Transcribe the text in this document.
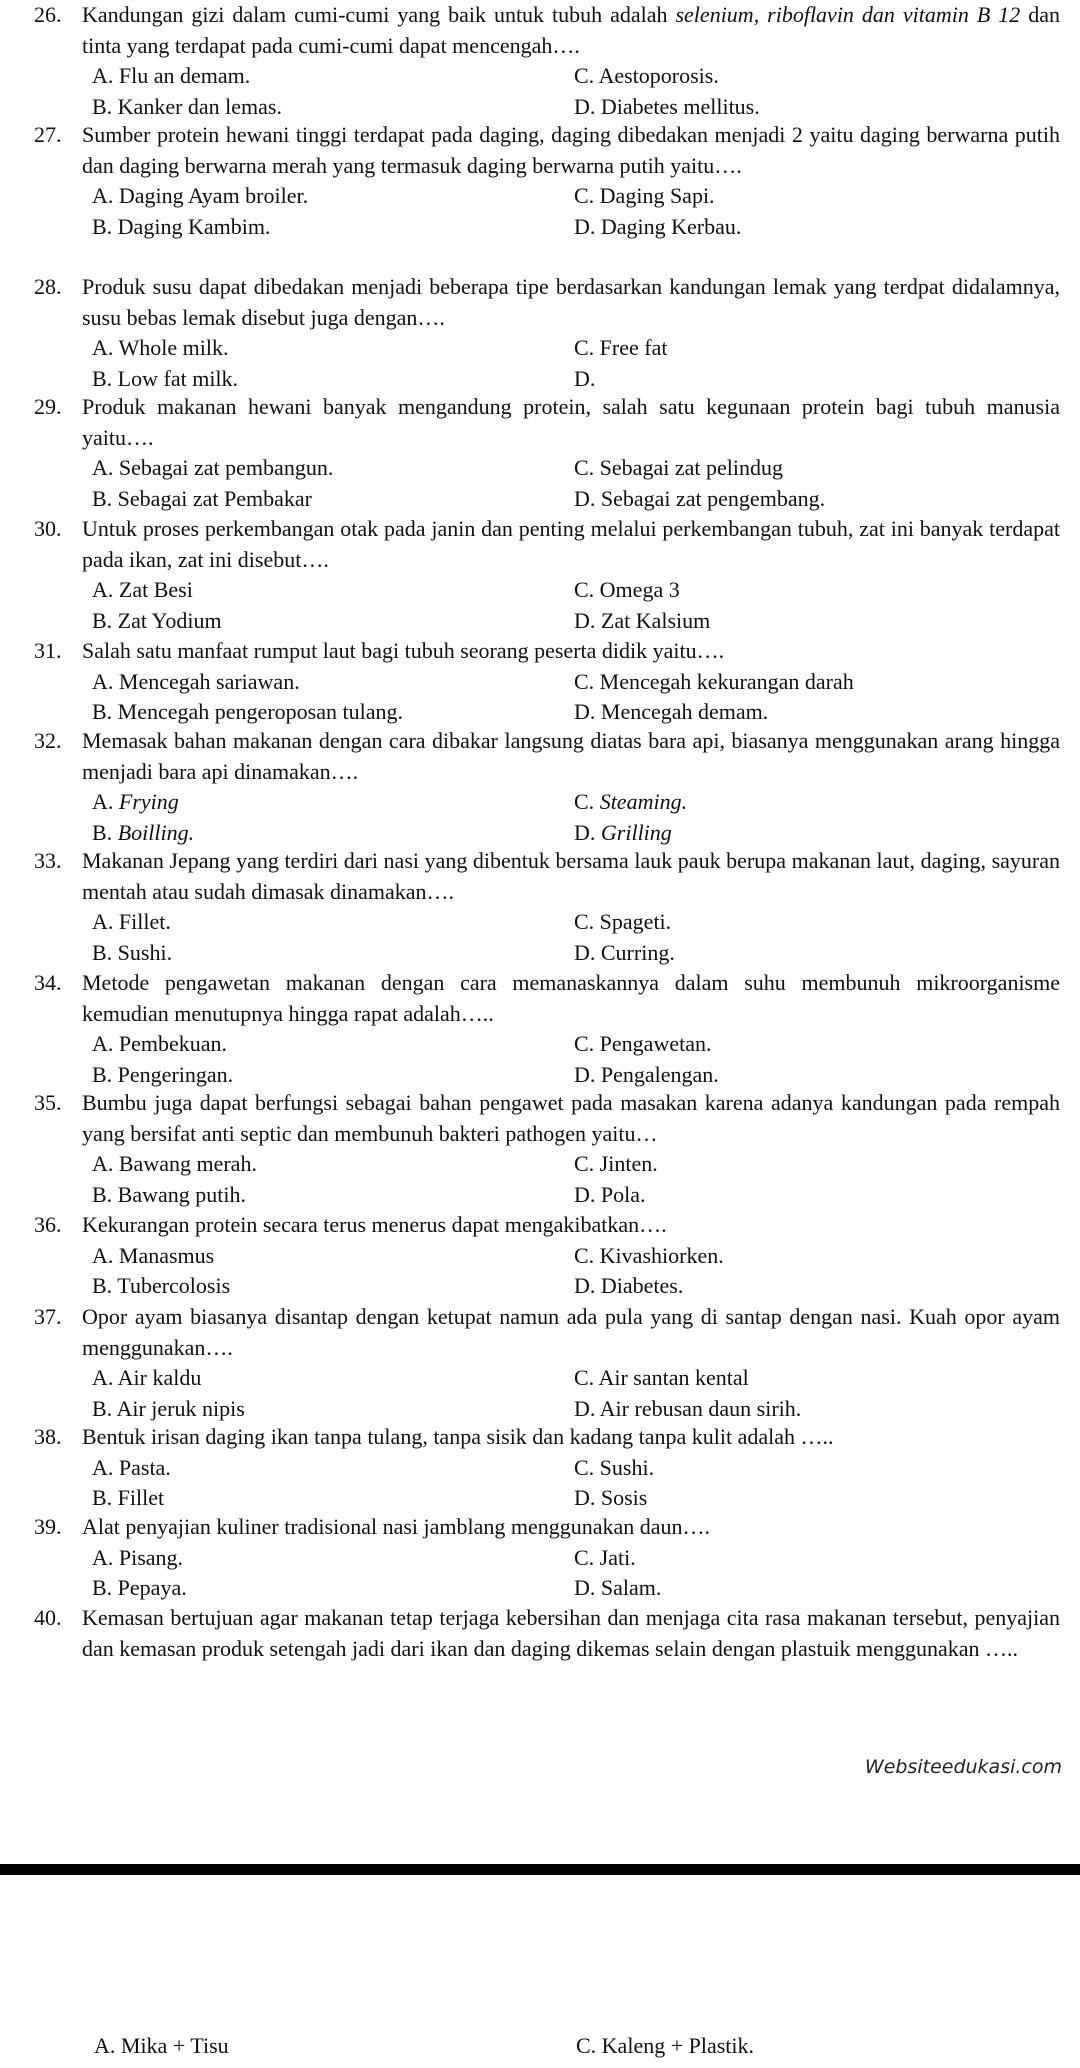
26. Kandungan gizi dalam cumi-cumi yang baik untuk tubuh adalah selenium, riboflavin dan vitamin B 12 dan tinta yang terdapat pada cumi-cumi dapat mencengah….
A. Flu an demam.	C. Aestoporosis.
B. Kanker dan lemas.	D. Diabetes mellitus.
27. Sumber protein hewani tinggi terdapat pada daging, daging dibedakan menjadi 2 yaitu daging berwarna putih dan daging berwarna merah yang termasuk daging berwarna putih yaitu….
A. Daging Ayam broiler.	C. Daging Sapi.
B. Daging Kambim.	D. Daging Kerbau.
28. Produk susu dapat dibedakan menjadi beberapa tipe berdasarkan kandungan lemak yang terdpat didalamnya, susu bebas lemak disebut juga dengan….
A. Whole milk.	C. Free fat
B. Low fat milk.	D.
29. Produk makanan hewani banyak mengandung protein, salah satu kegunaan protein bagi tubuh manusia yaitu….
A. Sebagai zat pembangun.	C. Sebagai zat pelindug
B. Sebagai zat Pembakar	D. Sebagai zat pengembang.
30. Untuk proses perkembangan otak pada janin dan penting melalui perkembangan tubuh, zat ini banyak terdapat pada ikan, zat ini disebut….
A. Zat Besi	C. Omega 3
B. Zat Yodium	D. Zat Kalsium
31. Salah satu manfaat rumput laut bagi tubuh seorang peserta didik yaitu….
A. Mencegah sariawan.	C. Mencegah kekurangan darah
B. Mencegah pengeroposan tulang.	D. Mencegah demam.
32. Memasak bahan makanan dengan cara dibakar langsung diatas bara api, biasanya menggunakan arang hingga menjadi bara api dinamakan….
A. Frying	C. Steaming.
B. Boilling.	D. Grilling
33. Makanan Jepang yang terdiri dari nasi yang dibentuk bersama lauk pauk berupa makanan laut, daging, sayuran mentah atau sudah dimasak dinamakan….
A. Fillet.	C. Spageti.
B. Sushi.	D. Curring.
34. Metode pengawetan makanan dengan cara memanaskannya dalam suhu membunuh mikroorganisme kemudian menutupnya hingga rapat adalah…..
A. Pembekuan.	C. Pengawetan.
B. Pengeringan.	D. Pengalengan.
35. Bumbu juga dapat berfungsi sebagai bahan pengawet pada masakan karena adanya kandungan pada rempah yang bersifat anti septic dan membunuh bakteri pathogen yaitu…
A. Bawang merah.	C. Jinten.
B. Bawang putih.	D. Pola.
36. Kekurangan protein secara terus menerus dapat mengakibatkan….
A. Manasmus	C. Kivashiorken.
B. Tubercolosis	D. Diabetes.
37. Opor ayam biasanya disantap dengan ketupat namun ada pula yang di santap dengan nasi. Kuah opor ayam menggunakan….
A. Air kaldu	C. Air santan kental
B. Air jeruk nipis	D. Air rebusan daun sirih.
38. Bentuk irisan daging ikan tanpa tulang, tanpa sisik dan kadang tanpa kulit adalah …..
A. Pasta.	C. Sushi.
B. Fillet	D. Sosis
39. Alat penyajian kuliner tradisional nasi jamblang menggunakan daun….
A. Pisang.	C. Jati.
B. Pepaya.	D. Salam.
40. Kemasan bertujuan agar makanan tetap terjaga kebersihan dan menjaga cita rasa makanan tersebut, penyajian dan kemasan produk setengah jadi dari ikan dan daging dikemas selain dengan plastuik menggunakan …..
Websiteedukasi.com
A. Mika + Tisu	C. Kaleng + Plastik.
